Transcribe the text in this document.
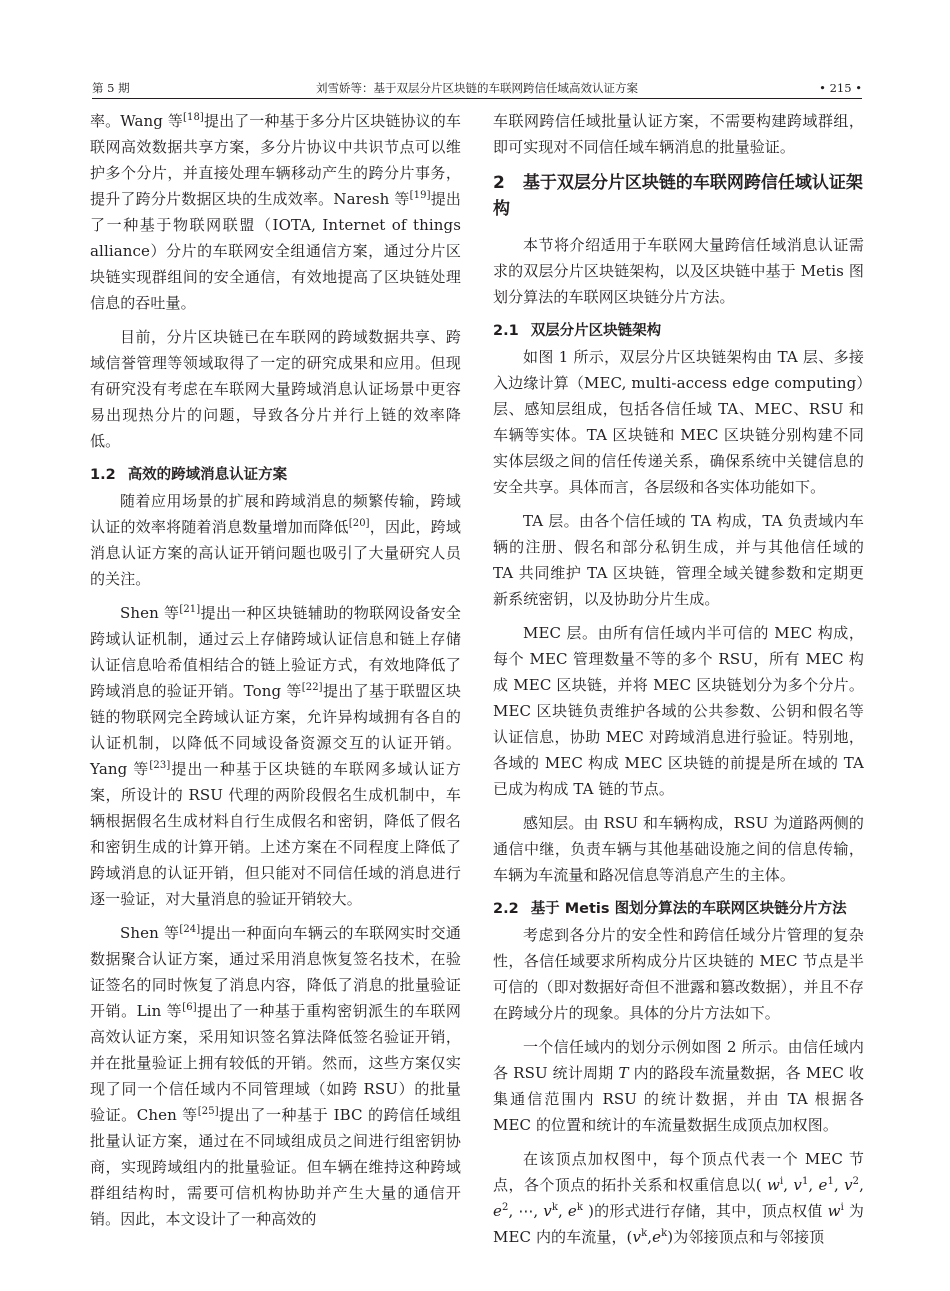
第 5 期	刘雪娇等：基于双层分片区块链的车联网跨信任域高效认证方案	• 215 •

率。Wang 等[18]提出了一种基于多分片区块链协议的车联网高效数据共享方案，多分片协议中共识节点可以维护多个分片，并直接处理车辆移动产生的跨分片事务，提升了跨分片数据区块的生成效率。Naresh 等[19]提出了一种基于物联网联盟（IOTA, Internet of things alliance）分片的车联网安全组通信方案，通过分片区块链实现群组间的安全通信，有效地提高了区块链处理信息的吞吐量。

目前，分片区块链已在车联网的跨域数据共享、跨域信誉管理等领域取得了一定的研究成果和应用。但现有研究没有考虑在车联网大量跨域消息认证场景中更容易出现热分片的问题，导致各分片并行上链的效率降低。

1.2 高效的跨域消息认证方案

随着应用场景的扩展和跨域消息的频繁传输，跨域认证的效率将随着消息数量增加而降低[20]，因此，跨域消息认证方案的高认证开销问题也吸引了大量研究人员的关注。

Shen 等[21]提出一种区块链辅助的物联网设备安全跨域认证机制，通过云上存储跨域认证信息和链上存储认证信息哈希值相结合的链上验证方式，有效地降低了跨域消息的验证开销。Tong 等[22]提出了基于联盟区块链的物联网完全跨域认证方案，允许异构域拥有各自的认证机制，以降低不同域设备资源交互的认证开销。Yang 等[23]提出一种基于区块链的车联网多域认证方案，所设计的 RSU 代理的两阶段假名生成机制中，车辆根据假名生成材料自行生成假名和密钥，降低了假名和密钥生成的计算开销。上述方案在不同程度上降低了跨域消息的认证开销，但只能对不同信任域的消息进行逐一验证，对大量消息的验证开销较大。

Shen 等[24]提出一种面向车辆云的车联网实时交通数据聚合认证方案，通过采用消息恢复签名技术，在验证签名的同时恢复了消息内容，降低了消息的批量验证开销。Lin 等[6]提出了一种基于重构密钥派生的车联网高效认证方案，采用知识签名算法降低签名验证开销，并在批量验证上拥有较低的开销。然而，这些方案仅实现了同一个信任域内不同管理域（如跨 RSU）的批量验证。Chen 等[25]提出了一种基于 IBC 的跨信任域组批量认证方案，通过在不同域组成员之间进行组密钥协商，实现跨域组内的批量验证。但车辆在维持这种跨域群组结构时，需要可信机构协助并产生大量的通信开销。因此，本文设计了一种高效的

车联网跨信任域批量认证方案，不需要构建跨域群组，即可实现对不同信任域车辆消息的批量验证。

2 基于双层分片区块链的车联网跨信任域认证架构

本节将介绍适用于车联网大量跨信任域消息认证需求的双层分片区块链架构，以及区块链中基于 Metis 图划分算法的车联网区块链分片方法。

2.1 双层分片区块链架构

如图 1 所示，双层分片区块链架构由 TA 层、多接入边缘计算（MEC, multi-access edge computing）层、感知层组成，包括各信任域 TA、MEC、RSU 和车辆等实体。TA 区块链和 MEC 区块链分别构建不同实体层级之间的信任传递关系，确保系统中关键信息的安全共享。具体而言，各层级和各实体功能如下。

TA 层。由各个信任域的 TA 构成，TA 负责域内车辆的注册、假名和部分私钥生成，并与其他信任域的 TA 共同维护 TA 区块链，管理全域关键参数和定期更新系统密钥，以及协助分片生成。

MEC 层。由所有信任域内半可信的 MEC 构成，每个 MEC 管理数量不等的多个 RSU，所有 MEC 构成 MEC 区块链，并将 MEC 区块链划分为多个分片。MEC 区块链负责维护各域的公共参数、公钥和假名等认证信息，协助 MEC 对跨域消息进行验证。特别地，各域的 MEC 构成 MEC 区块链的前提是所在域的 TA 已成为构成 TA 链的节点。

感知层。由 RSU 和车辆构成，RSU 为道路两侧的通信中继，负责车辆与其他基础设施之间的信息传输，车辆为车流量和路况信息等消息产生的主体。

2.2 基于 Metis 图划分算法的车联网区块链分片方法

考虑到各分片的安全性和跨信任域分片管理的复杂性，各信任域要求所构成分片区块链的 MEC 节点是半可信的（即对数据好奇但不泄露和篡改数据），并且不存在跨域分片的现象。具体的分片方法如下。

一个信任域内的划分示例如图 2 所示。由信任域内各 RSU 统计周期 T 内的路段车流量数据，各 MEC 收集通信范围内 RSU 的统计数据，并由 TA 根据各 MEC 的位置和统计的车流量数据生成顶点加权图。

在该顶点加权图中，每个顶点代表一个 MEC 节点，各个顶点的拓扑关系和权重信息以( w$^i$, v$^1$, e$^1$, v$^2$, e$^2$, ⋯, v$^k$, e$^k$ )的形式进行存储，其中，顶点权值 w$^i$ 为 MEC 内的车流量，(v$^k$,e$^k$)为邻接顶点和与邻接顶
